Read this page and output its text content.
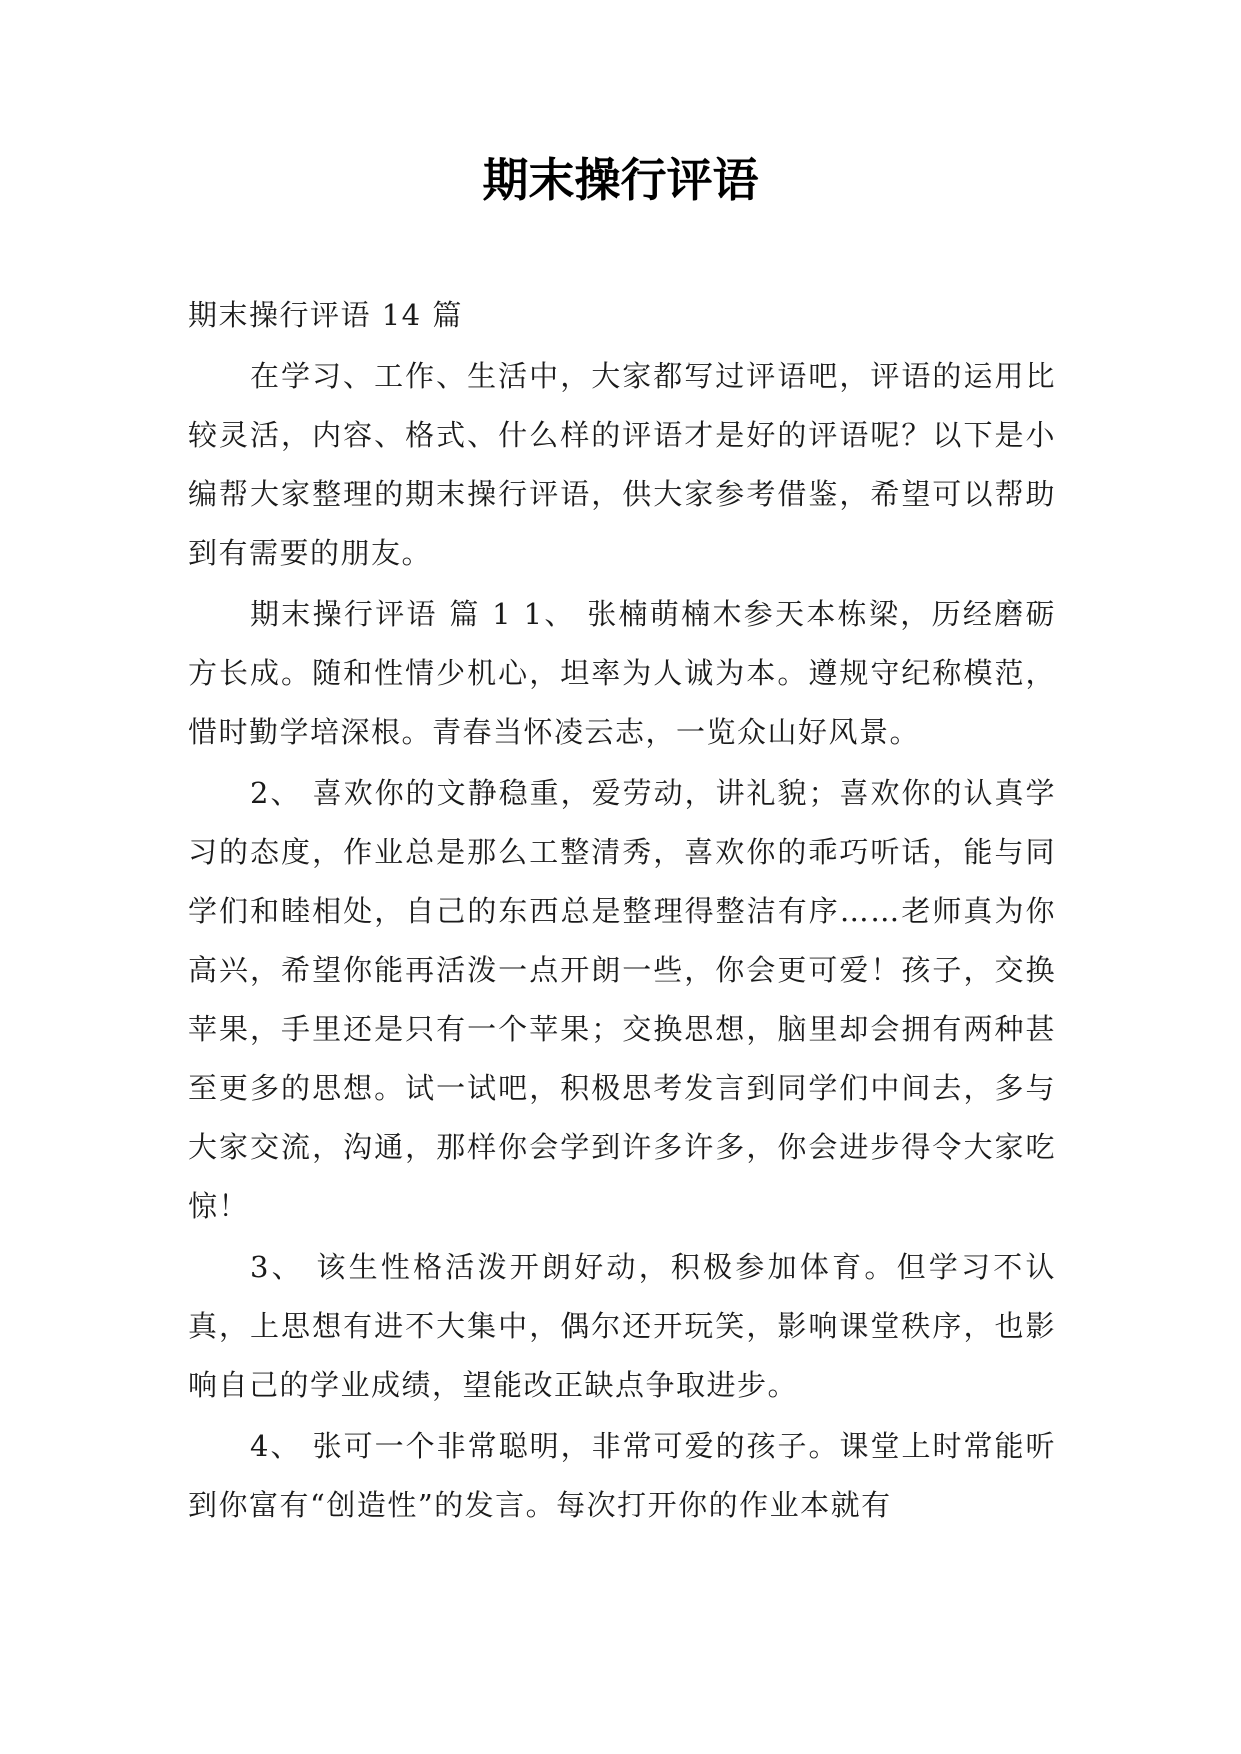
期末操行评语

期末操行评语 14 篇

在学习、工作、生活中，大家都写过评语吧，评语的运用比较灵活，内容、格式、什么样的评语才是好的评语呢？以下是小编帮大家整理的期末操行评语，供大家参考借鉴，希望可以帮助到有需要的朋友。

期末操行评语 篇 1 1、 张楠萌楠木参天本栋梁，历经磨砺方长成。随和性情少机心，坦率为人诚为本。遵规守纪称模范，惜时勤学培深根。青春当怀凌云志，一览众山好风景。

2、 喜欢你的文静稳重，爱劳动，讲礼貌；喜欢你的认真学习的态度，作业总是那么工整清秀，喜欢你的乖巧听话，能与同学们和睦相处，自己的东西总是整理得整洁有序……老师真为你高兴，希望你能再活泼一点开朗一些，你会更可爱！孩子，交换苹果，手里还是只有一个苹果；交换思想，脑里却会拥有两种甚至更多的思想。试一试吧，积极思考发言到同学们中间去，多与大家交流，沟通，那样你会学到许多许多，你会进步得令大家吃惊！

3、 该生性格活泼开朗好动，积极参加体育。但学习不认真，上思想有进不大集中，偶尔还开玩笑，影响课堂秩序，也影响自己的学业成绩，望能改正缺点争取进步。

4、 张可一个非常聪明，非常可爱的孩子。课堂上时常能听到你富有“创造性”的发言。每次打开你的作业本就有
